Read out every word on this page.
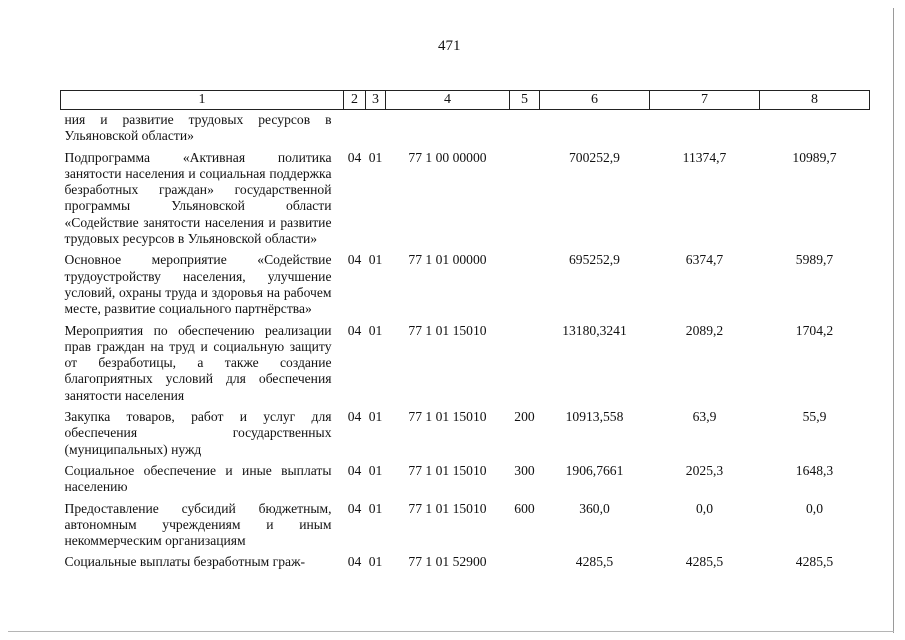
471
1	2	3	4	5	6	7	8
ния и развитие трудовых ресурсов в Ульяновской области»							
Подпрограмма «Активная политика занятости населения и социальная поддержка безработных граждан» государственной программы Ульяновской области «Содействие занятости населения и развитие трудовых ресурсов в Ульяновской области»	04	01	77 1 00 00000		700252,9	11374,7	10989,7
Основное мероприятие «Содействие трудоустройству населения, улучшение условий, охраны труда и здоровья на рабочем месте, развитие социального партнёрства»	04	01	77 1 01 00000		695252,9	6374,7	5989,7
Мероприятия по обеспечению реализации прав граждан на труд и социальную защиту от безработицы, а также создание благоприятных условий для обеспечения занятости населения	04	01	77 1 01 15010		13180,3241	2089,2	1704,2
Закупка товаров, работ и услуг для обеспечения государственных (муниципальных) нужд	04	01	77 1 01 15010	200	10913,558	63,9	55,9
Социальное обеспечение и иные выплаты населению	04	01	77 1 01 15010	300	1906,7661	2025,3	1648,3
Предоставление субсидий бюджетным, автономным учреждениям и иным некоммерческим организациям	04	01	77 1 01 15010	600	360,0	0,0	0,0
Социальные выплаты безработным граж-	04	01	77 1 01 52900		4285,5	4285,5	4285,5
